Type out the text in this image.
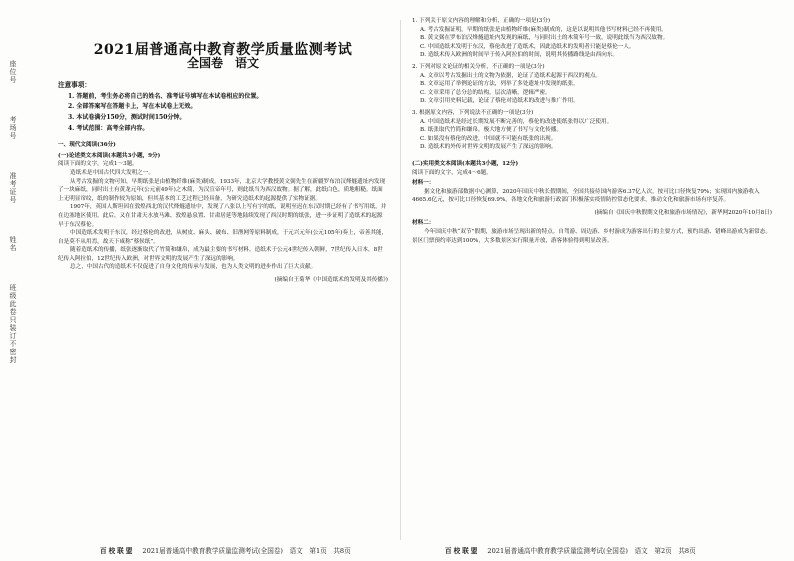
座位号　　　　考场号　　　　准考证号　　　　姓名　　　　班级
此卷只装订不密封
2021届普通高中教育教学质量监测考试
全国卷　语文
注意事项：

1. 答题前，考生务必将自己的姓名、准考证号填写在本试卷相应的位置。

2. 全部答案写在答题卡上，写在本试卷上无效。

3. 本试卷满分150分，测试时间150分钟。

4. 考试范围：高考全部内容。

一、现代文阅读(36分)
(一)论述类文本阅读(本题共3小题，9分)

阅读下面的文字，完成1～3题。

造纸术是中国古代四大发明之一。

从考古发掘的文物可知，早期纸张是由植物纤维(麻类)制成。1933年，北京大学教授黄文弼先生在新疆罗布泊汉烽燧遗址内发现了一块麻纸，同时出土有黄龙元年(公元前49年)之木简，为汉宣帝年号，则此纸当为西汉故物。据了解，此纸白色，质地粗糙。纸面上无明显帘纹，纸的制作较为原始，但其基本的工艺过程已经具备，为研究造纸术的起源提供了实物证据。

1907年，英国人斯坦因在敦煌西北的汉代烽燧遗址中，发现了八张以上写有字的纸，说明至迟在东汉时期已经有了书写用纸，并在边塞地区使用。此后，又在甘肃天水放马滩、敦煌悬泉置、甘肃居延等地陆续发现了西汉时期的纸张，进一步证明了造纸术的起源早于东汉蔡伦。

中国造纸术发明于东汉，经过蔡伦的改进，从树皮、麻头、破布、旧渔网等原料制成，于元兴元年(公元105年)奏上，帝善其能，自是莫不从用焉，故天下咸称“蔡侯纸”。

随着造纸术的传播，纸张逐渐取代了竹简和缣帛，成为最主要的书写材料。造纸术于公元4世纪传入朝鲜，7世纪传入日本，8世纪传入阿拉伯，12世纪传入欧洲，对世界文明的发展产生了深远的影响。

总之，中国古代的造纸术不仅促进了自身文化的传承与发展，也为人类文明的进步作出了巨大贡献。

(摘编自王菊华《中国造纸术的发明及其传播》)

1. 下列关于原文内容的理解和分析，正确的一项是(3分)

A. 考古发掘证明，早期的纸张是由植物纤维(麻类)制成的，这是以说明其他书写材料已经不再使用。

B. 黄文弼在罗布泊汉烽燧遗址内发现的麻纸，与同时出土的木简年号一致，说明此纸当为西汉故物。

C. 中国造纸术发明于东汉，蔡伦改进了造纸术，因此造纸术的发明者只能是蔡伦一人。

D. 造纸术传入欧洲的时间早于传入阿拉伯的时间，说明其传播路线是由西向东。

2. 下列对原文论证的相关分析，不正确的一项是(3分)

A. 文章以考古发掘出土的文物为依据，论证了造纸术起源于西汉的观点。

B. 文章运用了举例论证的方法，列举了多处遗址中发现的纸张。

C. 文章采用了总分总的结构，层次清晰，逻辑严密。

D. 文章引用史料记载，论证了蔡伦对造纸术的改进与推广作用。

3. 根据原文内容，下列说法不正确的一项是(3分)

A. 中国造纸术是经过长期发展不断完善的，蔡伦的改进使纸张得以广泛使用。

B. 纸张取代竹简和缣帛，极大地方便了书写与文化传播。

C. 如果没有蔡伦的改进，中国就不可能有纸张的出现。

D. 造纸术的外传对世界文明的发展产生了深远的影响。

(二)实用类文本阅读(本题共3小题，12分)

阅读下面的文字，完成4～6题。

材料一：

据文化和旅游部数据中心测算，2020年国庆中秋长假期间，全国共接待国内游客6.37亿人次，按可比口径恢复79%；实现国内旅游收入4665.6亿元，按可比口径恢复69.9%。各地文化和旅游行政部门积极落实疫情防控常态化要求，推动文化和旅游市场有序复苏。

(摘编自《国庆中秋假期文化和旅游市场情况》，新华网2020年10月8日)

材料二：

今年国庆中秋“双节”假期，旅游市场呈现出新的特点。自驾游、周边游、乡村游成为游客出行的主要方式，预约出游、错峰出游成为新常态。景区门票预约率达到100%，大多数景区实行限量开放，游客体验得到明显改善。

百校联盟 2021届普通高中教育教学质量监测考试(全国卷)　语文　第1页　共8页	百校联盟 2021届普通高中教育教学质量监测考试(全国卷)　语文　第2页　共8页
